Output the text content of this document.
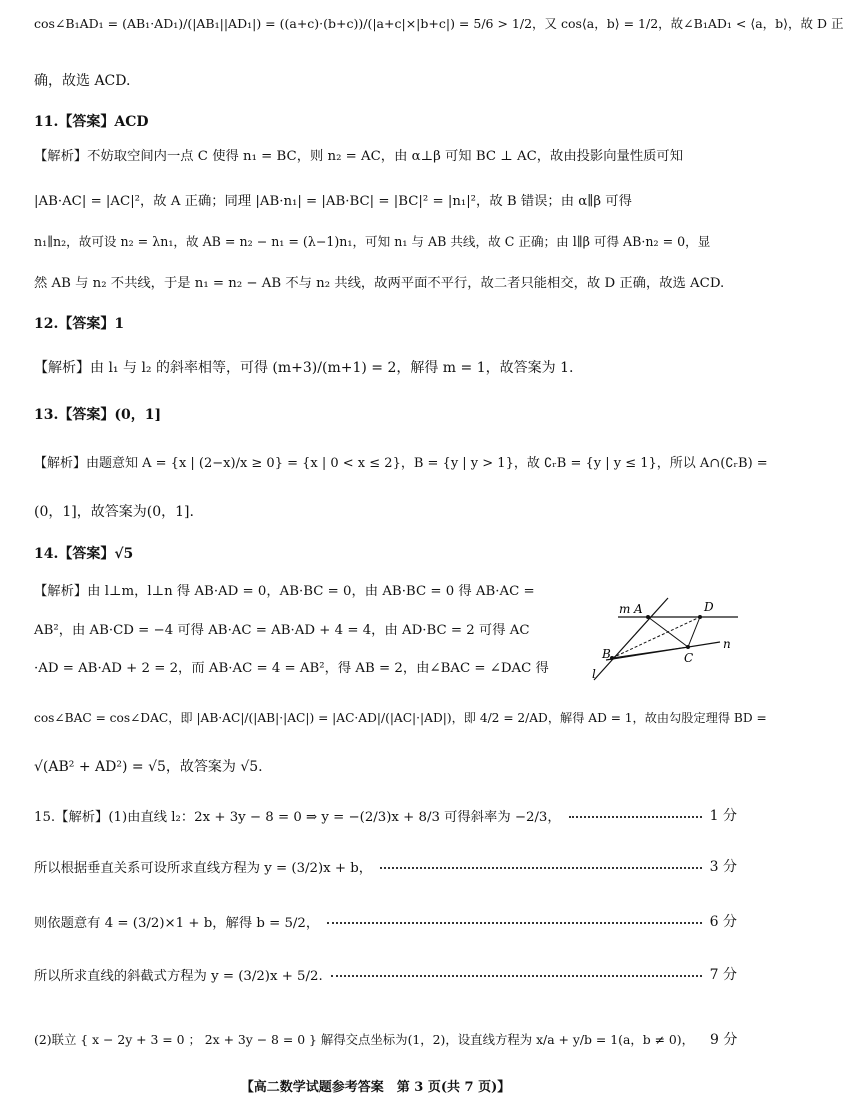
cos∠B₁AD₁ = (AB₁·AD₁)/(|AB₁||AD₁|) = ((a+c)·(b+c))/(|a+c|×|b+c|) = 5/6 > 1/2，又 cos⟨a，b⟩ = 1/2，故∠B₁AD₁ < ⟨a，b⟩，故 D 正
确，故选 ACD.
11.【答案】ACD
【解析】不妨取空间内一点 C 使得 n₁ = BC，则 n₂ = AC，由 α⊥β 可知 BC ⊥ AC，故由投影向量性质可知
|AB·AC| = |AC|²，故 A 正确；同理 |AB·n₁| = |AB·BC| = |BC|² = |n₁|²，故 B 错误；由 α∥β 可得
n₁∥n₂，故可设 n₂ = λn₁，故 AB = n₂ − n₁ = (λ−1)n₁，可知 n₁ 与 AB 共线，故 C 正确；由 l∥β 可得 AB·n₂ = 0，显
然 AB 与 n₂ 不共线，于是 n₁ = n₂ − AB 不与 n₂ 共线，故两平面不平行，故二者只能相交，故 D 正确，故选 ACD.
12.【答案】1
【解析】由 l₁ 与 l₂ 的斜率相等，可得 (m+3)/(m+1) = 2，解得 m = 1，故答案为 1.
13.【答案】(0，1]
【解析】由题意知 A = {x | (2−x)/x ≥ 0} = {x | 0 < x ≤ 2}，B = {y | y > 1}，故 ∁ᵣB = {y | y ≤ 1}，所以 A∩(∁ᵣB) =
(0，1]，故答案为(0，1].
14.【答案】√5
【解析】由 l⊥m，l⊥n 得 AB·AD = 0，AB·BC = 0，由 AB·BC = 0 得 AB·AC =
AB²，由 AB·CD = −4 可得 AB·AC = AB·AD + 4 = 4，由 AD·BC = 2 可得 AC
·AD = AB·AD + 2 = 2，而 AB·AC = 4 = AB²，得 AB = 2，由∠BAC = ∠DAC 得
cos∠BAC = cos∠DAC，即 |AB·AC|/(|AB|·|AC|) = |AC·AD|/(|AC|·|AD|)，即 4/2 = 2/AD，解得 AD = 1，故由勾股定理得 BD =
√(AB² + AD²) = √5，故答案为 √5.
m A	D
B	C
n
l
15.【解析】(1)由直线 l₂：2x + 3y − 8 = 0 ⇒ y = −(2/3)x + 8/3 可得斜率为 −2/3，	1 分
所以根据垂直关系可设所求直线方程为 y = (3/2)x + b，	3 分
则依题意有 4 = (3/2)×1 + b，解得 b = 5/2，	6 分
所以所求直线的斜截式方程为 y = (3/2)x + 5/2.	7 分
(2)联立 { x − 2y + 3 = 0 ； 2x + 3y − 8 = 0 } 解得交点坐标为(1，2)，设直线方程为 x/a + y/b = 1(a，b ≠ 0)， 9 分
【高二数学试题参考答案　第 3 页(共 7 页)】
